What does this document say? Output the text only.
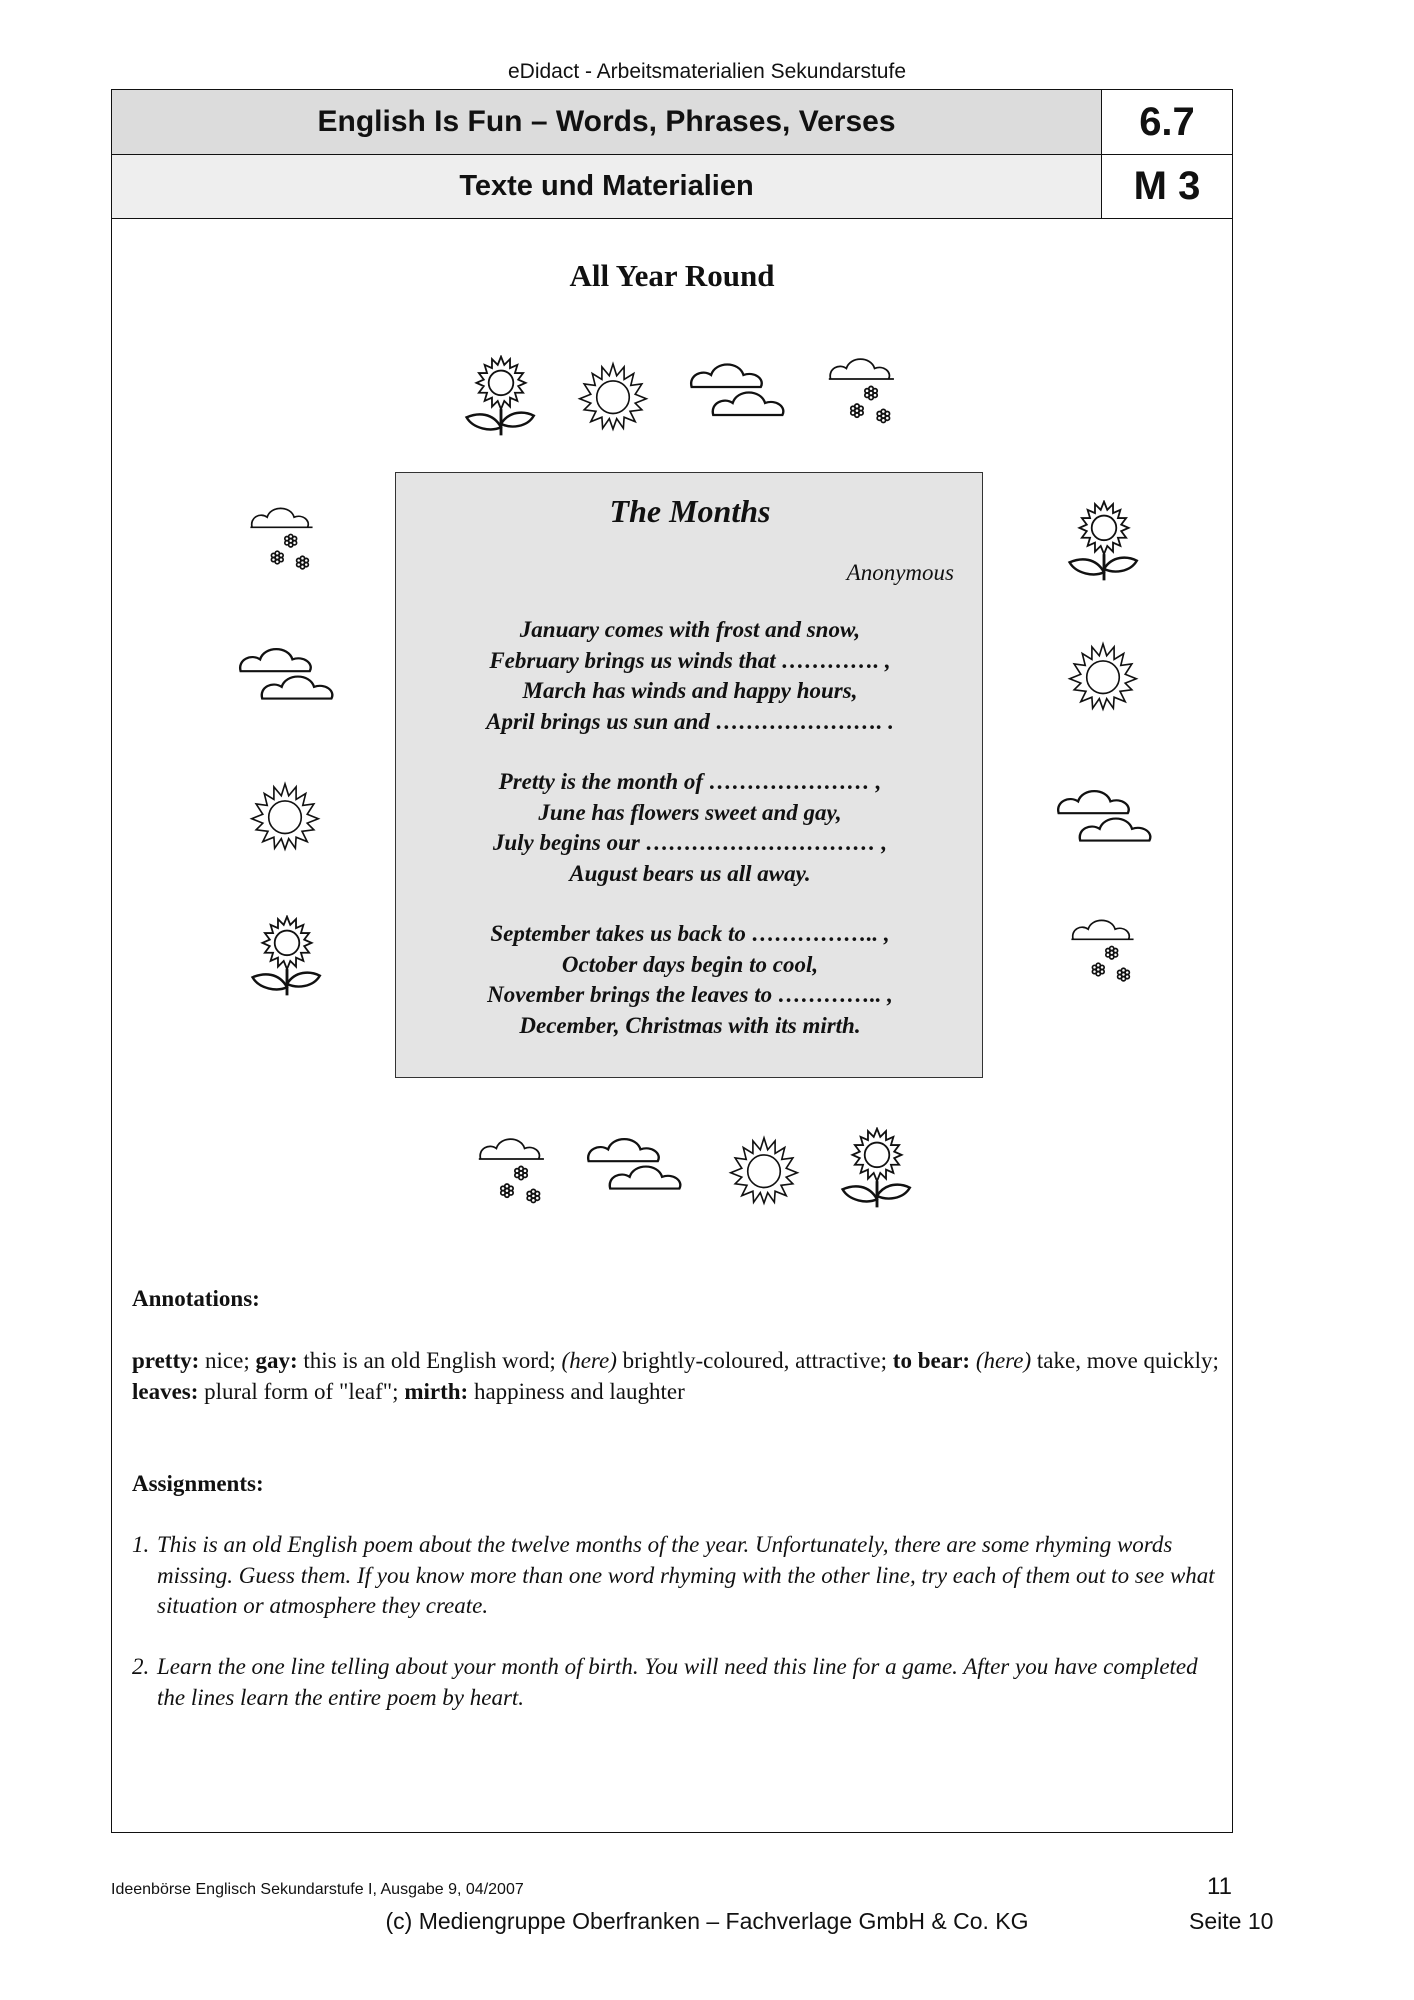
eDidact - Arbeitsmaterialien Sekundarstufe
English Is Fun – Words, Phrases, Verses	6.7
Texte und Materialien	M 3
All Year Round
The Months
Anonymous
January comes with frost and snow,
February brings us winds that …………. ,
March has winds and happy hours,
April brings us sun and …………………. .
Pretty is the month of ………………… ,
June has flowers sweet and gay,
July begins our ………………………… ,
August bears us all away.
September takes us back to …………….. ,
October days begin to cool,
November brings the leaves to ………….. ,
December, Christmas with its mirth.
Annotations:
pretty: nice; gay: this is an old English word; (here) brightly-coloured, attractive; to bear: (here) take, move quickly; leaves: plural form of "leaf"; mirth: happiness and laughter
Assignments:
1. This is an old English poem about the twelve months of the year. Unfortunately, there are some rhyming words missing. Guess them. If you know more than one word rhyming with the other line, try each of them out to see what situation or atmosphere they create.
2. Learn the one line telling about your month of birth. You will need this line for a game. After you have completed the lines learn the entire poem by heart.
Ideenbörse Englisch Sekundarstufe I, Ausgabe 9, 04/2007	11
(c) Mediengruppe Oberfranken – Fachverlage GmbH & Co. KG	Seite 10
